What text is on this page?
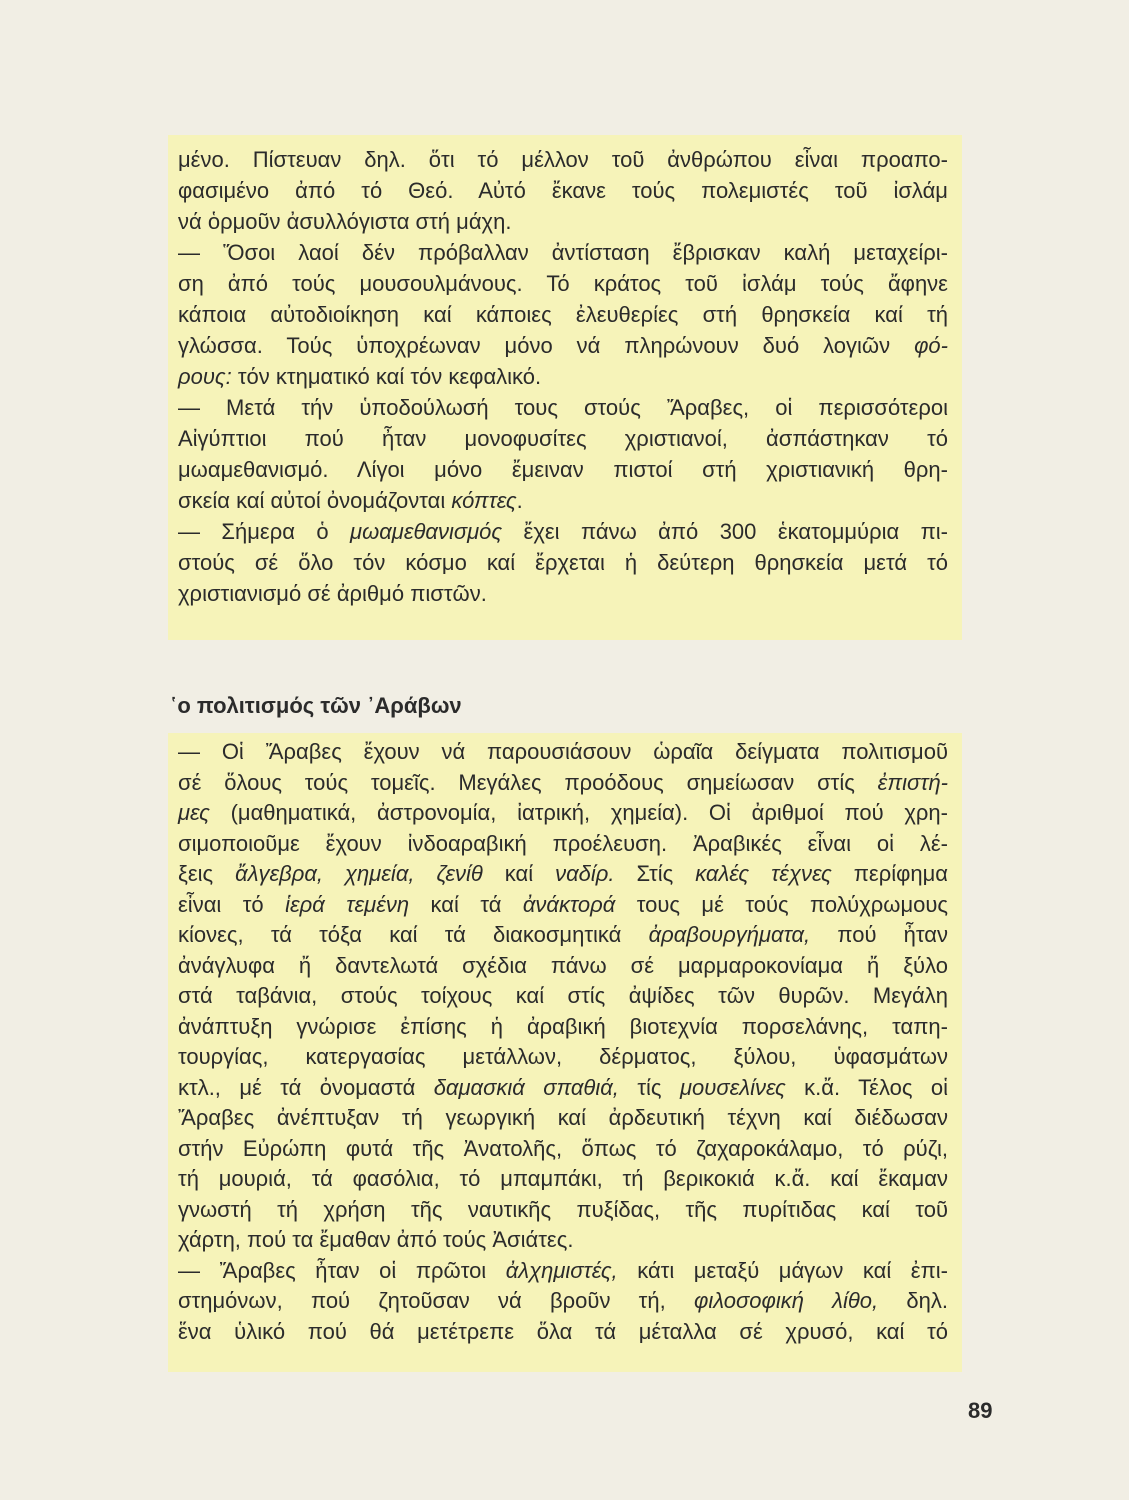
μένο. Πίστευαν δηλ. ὅτι τό μέλλον τοῦ ἀνθρώπου εἶναι προαπο-
φασιμένο ἀπό τό Θεό. Αὐτό ἔκανε τούς πολεμιστές τοῦ ἰσλάμ
νά ὁρμοῦν ἀσυλλόγιστα στή μάχη.
— Ὅσοι λαοί δέν πρόβαλλαν ἀντίσταση ἔβρισκαν καλή μεταχείρι-
ση ἀπό τούς μουσουλμάνους. Τό κράτος τοῦ ἰσλάμ τούς ἄφηνε
κάποια αὐτοδιοίκηση καί κάποιες ἐλευθερίες στή θρησκεία καί τή
γλώσσα. Τούς ὑποχρέωναν μόνο νά πληρώνουν δυό λογιῶν φό-
ρους: τόν κτηματικό καί τόν κεφαλικό.
— Μετά τήν ὑποδούλωσή τους στούς Ἄραβες, οἱ περισσότεροι
Αἰγύπτιοι πού ἦταν μονοφυσίτες χριστιανοί, ἀσπάστηκαν τό
μωαμεθανισμό. Λίγοι μόνο ἔμειναν πιστοί στή χριστιανική θρη-
σκεία καί αὐτοί ὀνομάζονται κόπτες.
— Σήμερα ὁ μωαμεθανισμός ἔχει πάνω ἀπό 300 ἑκατομμύρια πι-
στούς σέ ὅλο τόν κόσμο καί ἔρχεται ἡ δεύτερη θρησκεία μετά τό
χριστιανισμό σέ ἀριθμό πιστῶν.
῾ο πολιτισμός τῶν ᾿Αράβων
— Οἱ Ἄραβες ἔχουν νά παρουσιάσουν ὡραῖα δείγματα πολιτισμοῦ
σέ ὅλους τούς τομεῖς. Μεγάλες προόδους σημείωσαν στίς ἐπιστή-
μες (μαθηματικά, ἀστρονομία, ἰατρική, χημεία). Οἱ ἀριθμοί πού χρη-
σιμοποιοῦμε ἔχουν ἰνδοαραβική προέλευση. Ἀραβικές εἶναι οἱ λέ-
ξεις ἄλγεβρα, χημεία, ζενίθ καί ναδίρ. Στίς καλές τέχνες περίφημα
εἶναι τό ἱερά τεμένη καί τά ἀνάκτορά τους μέ τούς πολύχρωμους
κίονες, τά τόξα καί τά διακοσμητικά ἀραβουργήματα, πού ἦταν
ἀνάγλυφα ἤ δαντελωτά σχέδια πάνω σέ μαρμαροκονίαμα ἤ ξύλο
στά ταβάνια, στούς τοίχους καί στίς ἀψίδες τῶν θυρῶν. Μεγάλη
ἀνάπτυξη γνώρισε ἐπίσης ἡ ἀραβική βιοτεχνία πορσελάνης, ταπη-
τουργίας, κατεργασίας μετάλλων, δέρματος, ξύλου, ὑφασμάτων
κτλ., μέ τά ὀνομαστά δαμασκιά σπαθιά, τίς μουσελίνες κ.ἄ. Τέλος οἱ
Ἄραβες ἀνέπτυξαν τή γεωργική καί ἀρδευτική τέχνη καί διέδωσαν
στήν Εὐρώπη φυτά τῆς Ἀνατολῆς, ὅπως τό ζαχαροκάλαμο, τό ρύζι,
τή μουριά, τά φασόλια, τό μπαμπάκι, τή βερικοκιά κ.ἄ. καί ἔκαμαν
γνωστή τή χρήση τῆς ναυτικῆς πυξίδας, τῆς πυρίτιδας καί τοῦ
χάρτη, πού τα ἔμαθαν ἀπό τούς Ἀσιάτες.
— Ἄραβες ἦταν οἱ πρῶτοι ἀλχημιστές, κάτι μεταξύ μάγων καί ἐπι-
στημόνων, πού ζητοῦσαν νά βροῦν τή, φιλοσοφική λίθο, δηλ.
ἕνα ὑλικό πού θά μετέτρεπε ὅλα τά μέταλλα σέ χρυσό, καί τό
89
